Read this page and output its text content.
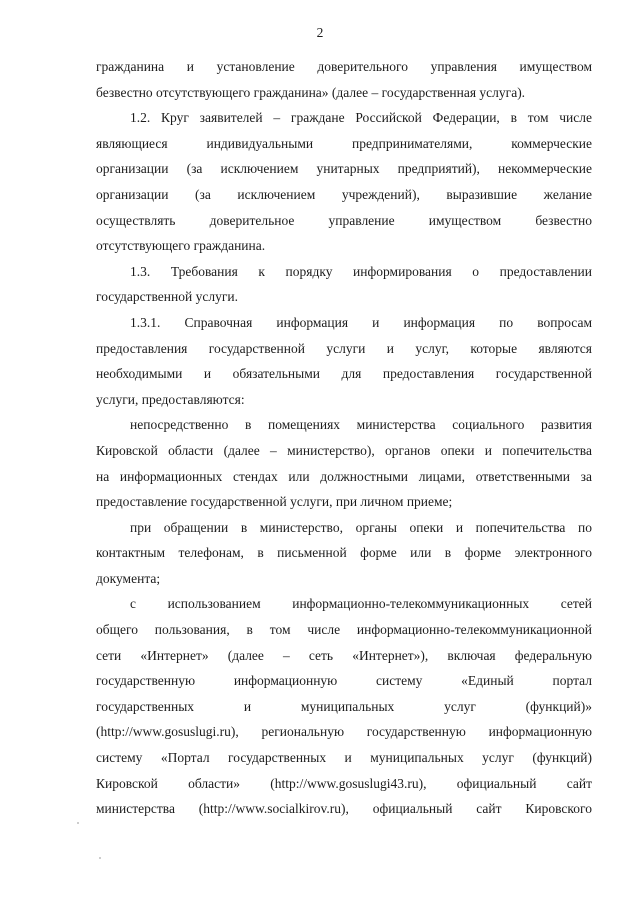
2
гражданина и установление доверительного управления имуществом
безвестно отсутствующего гражданина» (далее – государственная услуга).
1.2. Круг заявителей – граждане Российской Федерации, в том числе
являющиеся индивидуальными предпринимателями, коммерческие
организации (за исключением унитарных предприятий), некоммерческие
организации (за исключением учреждений), выразившие желание
осуществлять доверительное управление имуществом безвестно
отсутствующего гражданина.
1.3. Требования к порядку информирования о предоставлении
государственной услуги.
1.3.1. Справочная информация и информация по вопросам
предоставления государственной услуги и услуг, которые являются
необходимыми и обязательными для предоставления государственной
услуги, предоставляются:
непосредственно в помещениях министерства социального развития
Кировской области (далее – министерство), органов опеки и попечительства
на информационных стендах или должностными лицами, ответственными за
предоставление государственной услуги, при личном приеме;
при обращении в министерство, органы опеки и попечительства по
контактным телефонам, в письменной форме или в форме электронного
документа;
с использованием информационно-телекоммуникационных сетей
общего пользования, в том числе информационно-телекоммуникационной
сети «Интернет» (далее – сеть «Интернет»), включая федеральную
государственную информационную систему «Единый портал
государственных и муниципальных услуг (функций)»
(http://www.gosuslugi.ru), региональную государственную информационную
систему «Портал государственных и муниципальных услуг (функций)
Кировской области» (http://www.gosuslugi43.ru), официальный сайт
министерства (http://www.socialkirov.ru), официальный сайт Кировского
